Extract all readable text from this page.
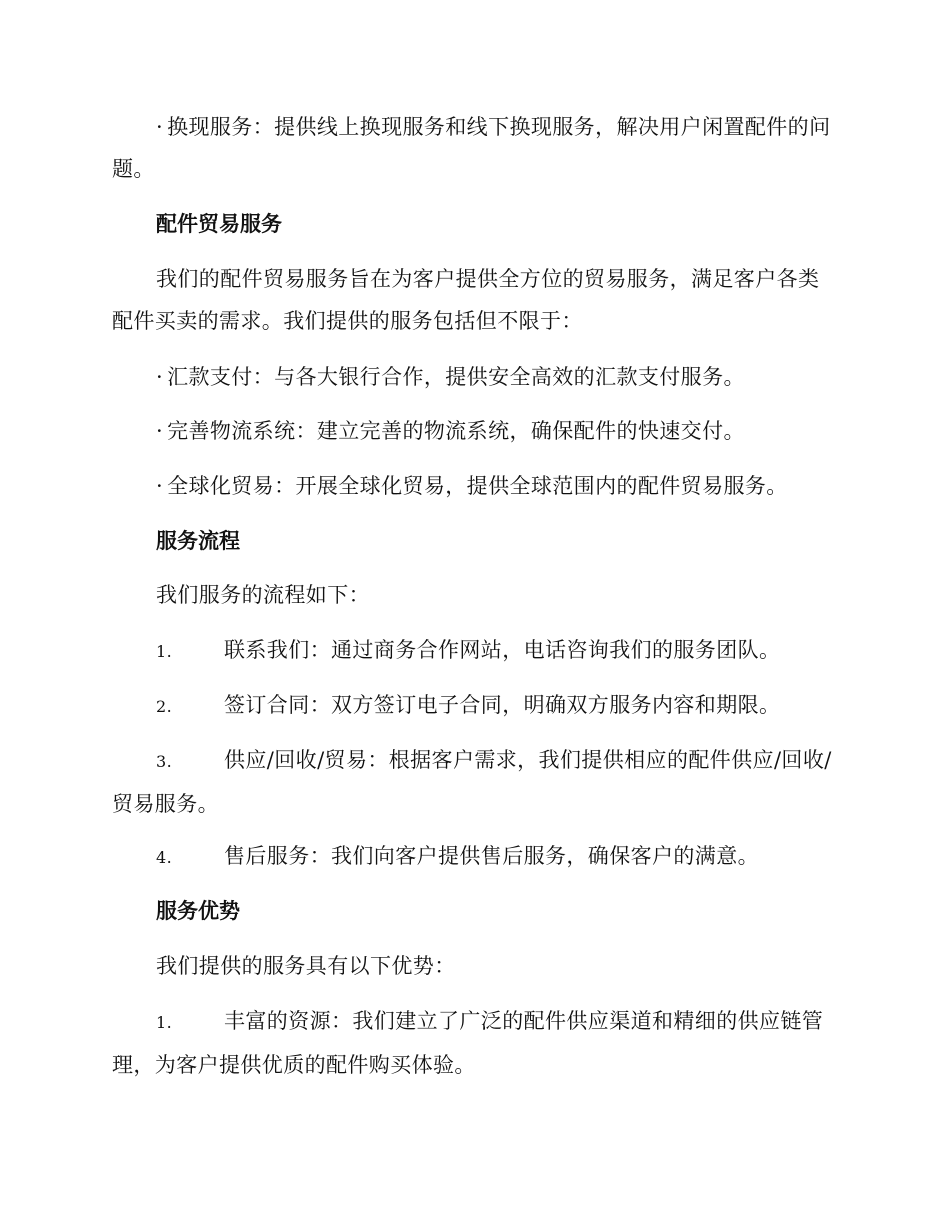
· 换现服务：提供线上换现服务和线下换现服务，解决用户闲置配件的问题。
配件贸易服务
我们的配件贸易服务旨在为客户提供全方位的贸易服务，满足客户各类配件买卖的需求。我们提供的服务包括但不限于：
· 汇款支付：与各大银行合作，提供安全高效的汇款支付服务。
· 完善物流系统：建立完善的物流系统，确保配件的快速交付。
· 全球化贸易：开展全球化贸易，提供全球范围内的配件贸易服务。
服务流程
我们服务的流程如下：
1. 联系我们：通过商务合作网站，电话咨询我们的服务团队。
2. 签订合同：双方签订电子合同，明确双方服务内容和期限。
3. 供应/回收/贸易：根据客户需求，我们提供相应的配件供应/回收/贸易服务。
4. 售后服务：我们向客户提供售后服务，确保客户的满意。
服务优势
我们提供的服务具有以下优势：
1. 丰富的资源：我们建立了广泛的配件供应渠道和精细的供应链管理，为客户提供优质的配件购买体验。
